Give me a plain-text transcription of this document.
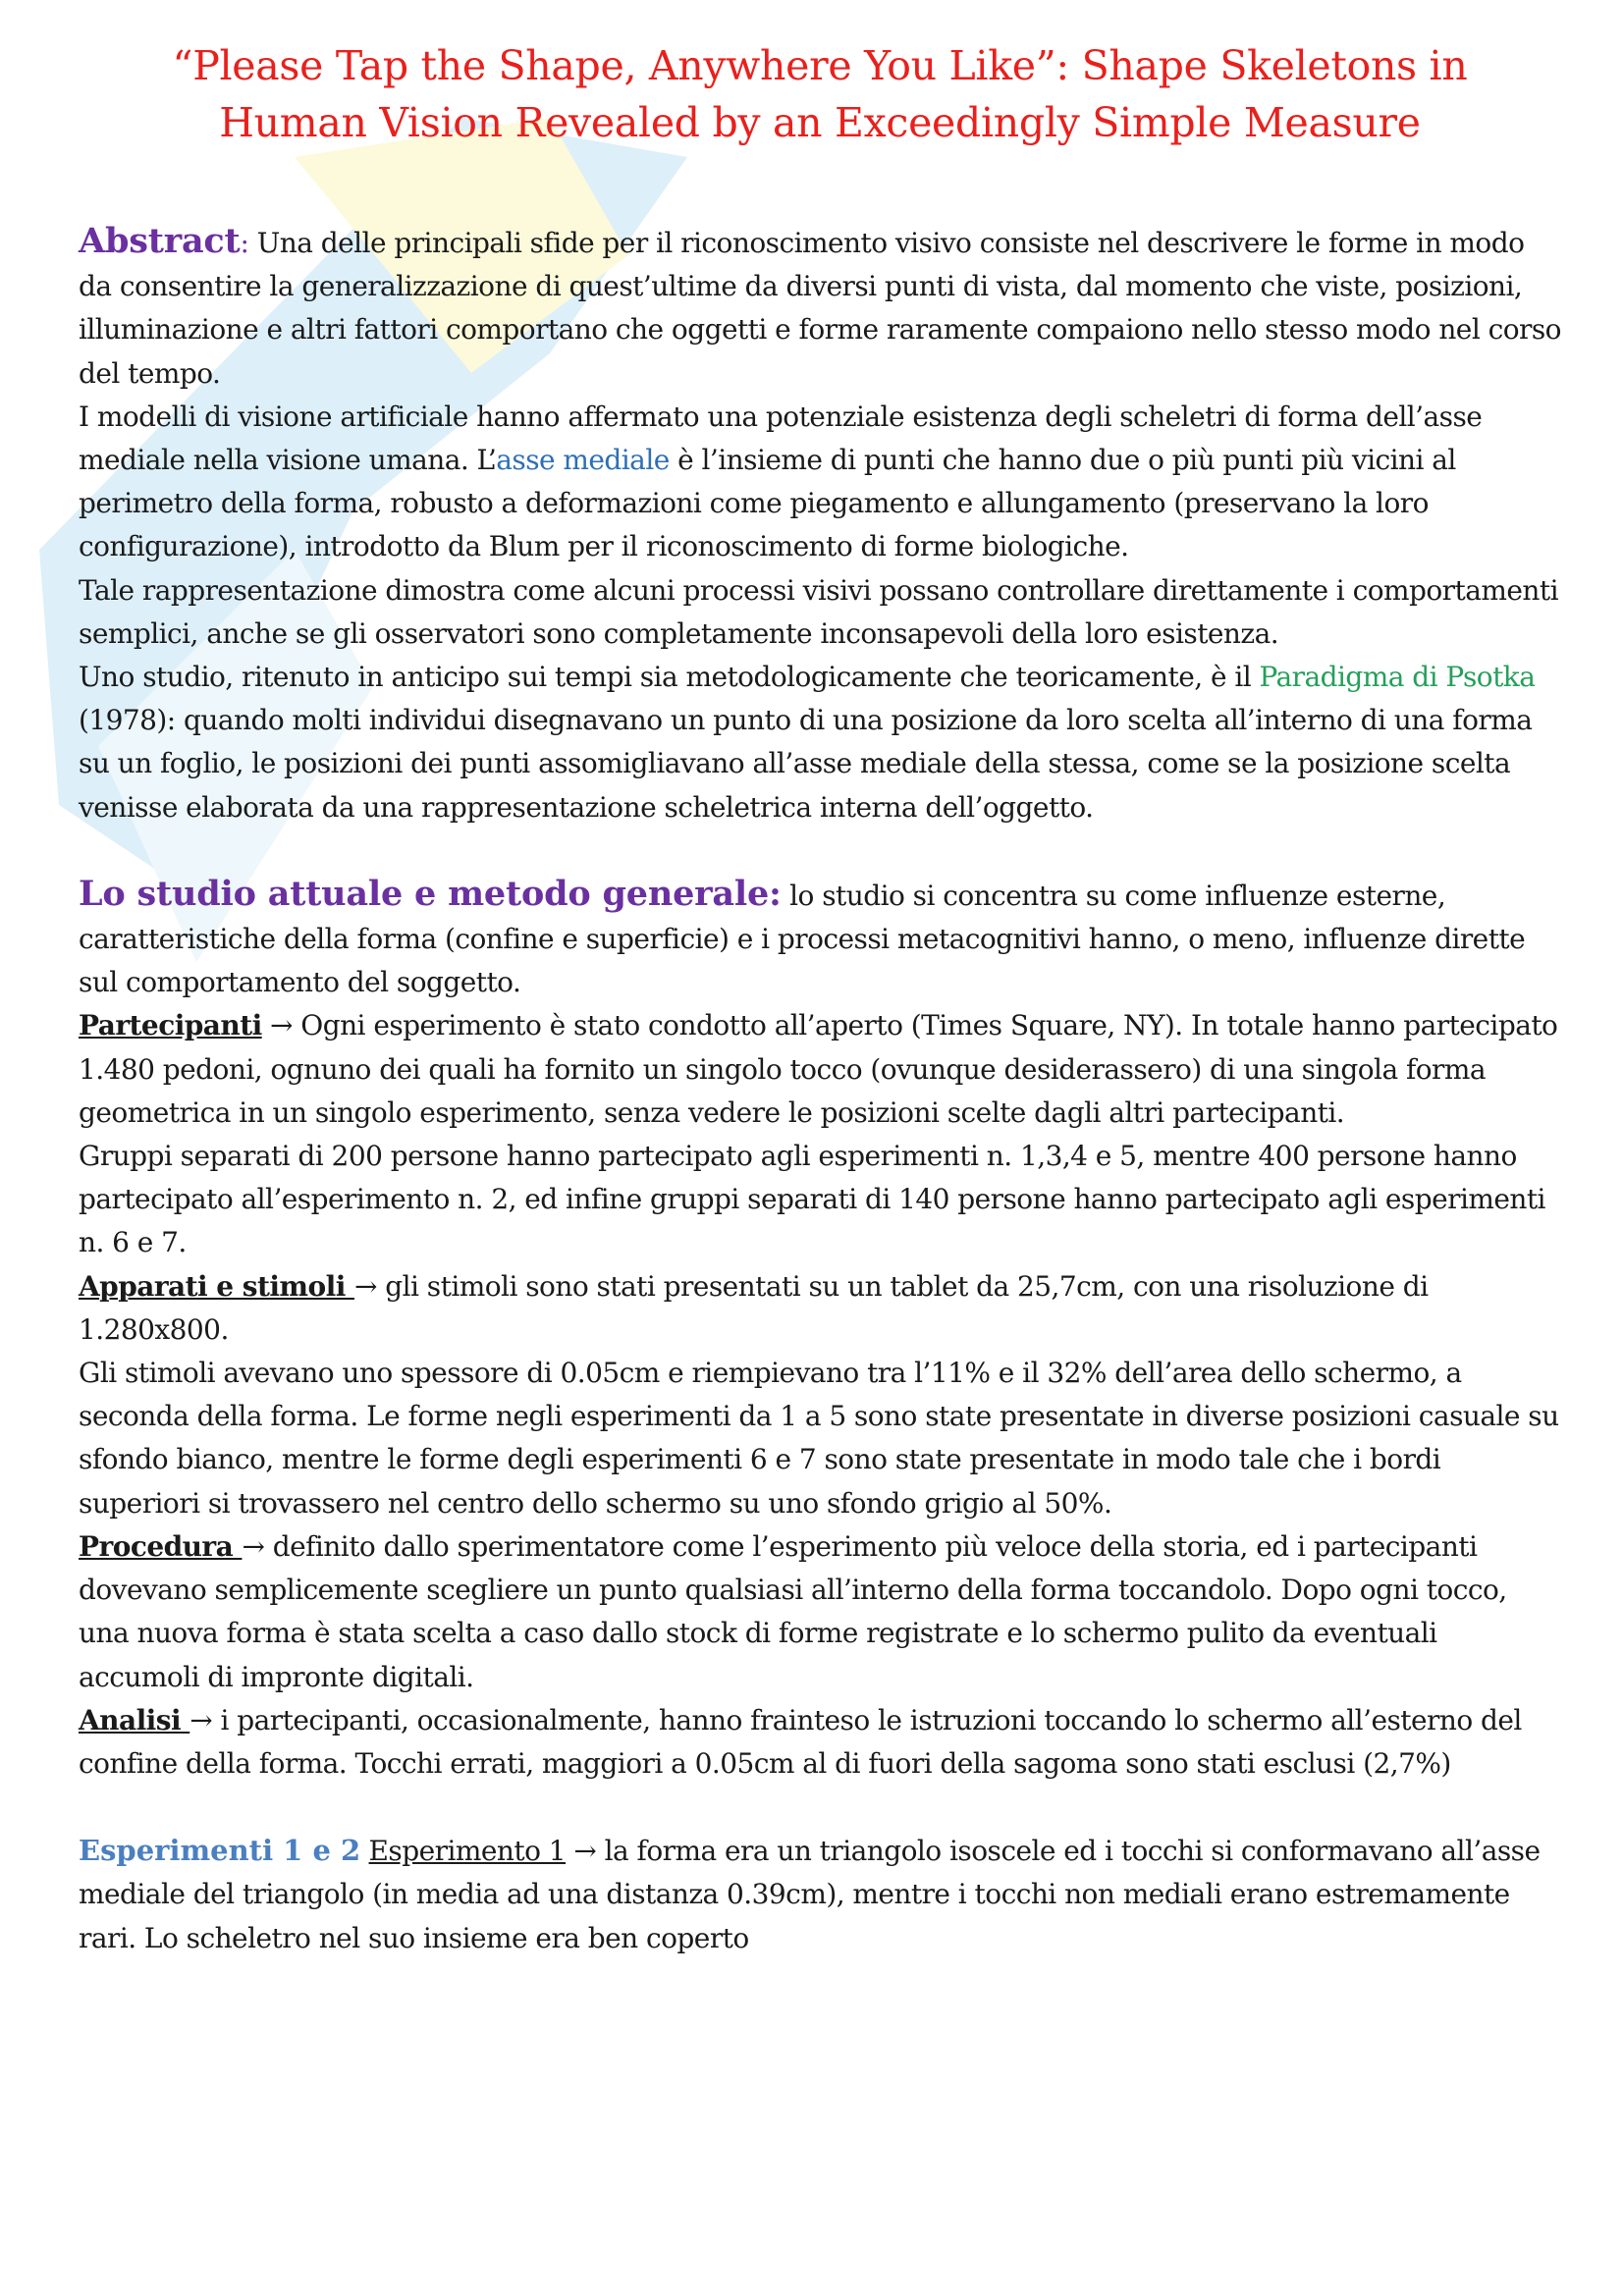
“Please Tap the Shape, Anywhere You Like”: Shape Skeletons in
Human Vision Revealed by an Exceedingly Simple Measure

Abstract: Una delle principali sfide per il riconoscimento visivo consiste nel descrivere le forme in modo da consentire la generalizzazione di quest’ultime da diversi punti di vista, dal momento che viste, posizioni, illuminazione e altri fattori comportano che oggetti e forme raramente compaiono nello stesso modo nel corso del tempo.

I modelli di visione artificiale hanno affermato una potenziale esistenza degli scheletri di forma dell’asse mediale nella visione umana. L’asse mediale è l’insieme di punti che hanno due o più punti più vicini al perimetro della forma, robusto a deformazioni come piegamento e allungamento (preservano la loro configurazione), introdotto da Blum per il riconoscimento di forme biologiche.

Tale rappresentazione dimostra come alcuni processi visivi possano controllare direttamente i comportamenti semplici, anche se gli osservatori sono completamente inconsapevoli della loro esistenza.

Uno studio, ritenuto in anticipo sui tempi sia metodologicamente che teoricamente, è il Paradigma di Psotka (1978): quando molti individui disegnavano un punto di una posizione da loro scelta all’interno di una forma su un foglio, le posizioni dei punti assomigliavano all’asse mediale della stessa, come se la posizione scelta venisse elaborata da una rappresentazione scheletrica interna dell’oggetto.

Lo studio attuale e metodo generale: lo studio si concentra su come influenze esterne, caratteristiche della forma (confine e superficie) e i processi metacognitivi hanno, o meno, influenze dirette sul comportamento del soggetto.

Partecipanti → Ogni esperimento è stato condotto all’aperto (Times Square, NY). In totale hanno partecipato 1.480 pedoni, ognuno dei quali ha fornito un singolo tocco (ovunque desiderassero) di una singola forma geometrica in un singolo esperimento, senza vedere le posizioni scelte dagli altri partecipanti.

Gruppi separati di 200 persone hanno partecipato agli esperimenti n. 1,3,4 e 5, mentre 400 persone hanno partecipato all’esperimento n. 2, ed infine gruppi separati di 140 persone hanno partecipato agli esperimenti n. 6 e 7.

Apparati e stimoli → gli stimoli sono stati presentati su un tablet da 25,7cm, con una risoluzione di 1.280x800.

Gli stimoli avevano uno spessore di 0.05cm e riempievano tra l’11% e il 32% dell’area dello schermo, a seconda della forma. Le forme negli esperimenti da 1 a 5 sono state presentate in diverse posizioni casuale su sfondo bianco, mentre le forme degli esperimenti 6 e 7 sono state presentate in modo tale che i bordi superiori si trovassero nel centro dello schermo su uno sfondo grigio al 50%.

Procedura → definito dallo sperimentatore come l’esperimento più veloce della storia, ed i partecipanti dovevano semplicemente scegliere un punto qualsiasi all’interno della forma toccandolo. Dopo ogni tocco, una nuova forma è stata scelta a caso dallo stock di forme registrate e lo schermo pulito da eventuali accumoli di impronte digitali.

Analisi → i partecipanti, occasionalmente, hanno frainteso le istruzioni toccando lo schermo all’esterno del confine della forma. Tocchi errati, maggiori a 0.05cm al di fuori della sagoma sono stati esclusi (2,7%)

Esperimenti 1 e 2 Esperimento 1 → la forma era un triangolo isoscele ed i tocchi si conformavano all’asse mediale del triangolo (in media ad una distanza 0.39cm), mentre i tocchi non mediali erano estremamente rari. Lo scheletro nel suo insieme era ben coperto
